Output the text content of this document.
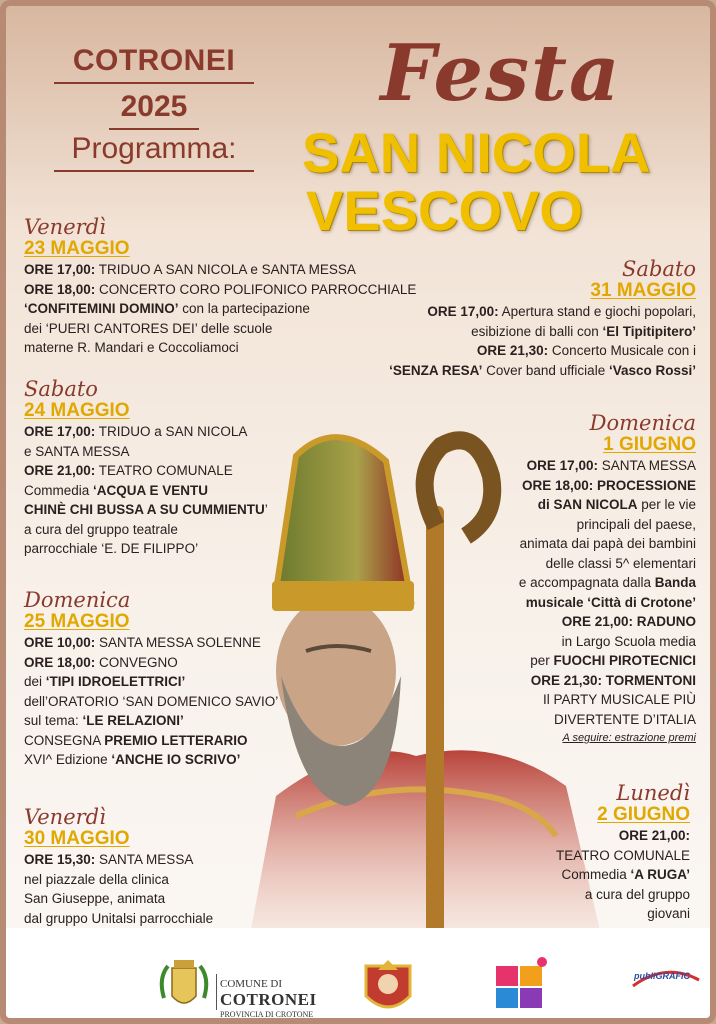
COTRONEI
2025
Programma:
Festa
SAN NICOLA
VESCOVO
Venerdì
23 MAGGIO
ORE 17,00: TRIDUO A SAN NICOLA e SANTA MESSA
ORE 18,00: CONCERTO CORO POLIFONICO PARROCCHIALE
‘CONFITEMINI DOMINO’ con la partecipazione
dei ‘PUERI CANTORES DEI’ delle scuole
materne R. Mandari e Coccoliamoci
Sabato
24 MAGGIO
ORE 17,00: TRIDUO a SAN NICOLA
e SANTA MESSA
ORE 21,00: TEATRO COMUNALE
Commedia ‘ACQUA E VENTU
CHINÈ CHI BUSSA A SU CUMMIENTU’
a cura del gruppo teatrale
parrocchiale ‘E. DE FILIPPO’
Domenica
25 MAGGIO
ORE 10,00: SANTA MESSA SOLENNE
ORE 18,00: CONVEGNO
dei ‘TIPI IDROELETTRICI’
dell’ORATORIO ‘SAN DOMENICO SAVIO’
sul tema: ‘LE RELAZIONI’
CONSEGNA PREMIO LETTERARIO
XVI^ Edizione ‘ANCHE IO SCRIVO’
Venerdì
30 MAGGIO
ORE 15,30: SANTA MESSA
nel piazzale della clinica
San Giuseppe, animata
dal gruppo Unitalsi parrocchiale
Sabato
31 MAGGIO
ORE 17,00: Apertura stand e giochi popolari,
esibizione di balli con ‘El Tipitipitero’
ORE 21,30: Concerto Musicale con i
‘SENZA RESA’ Cover band ufficiale ‘Vasco Rossi’
Domenica
1 GIUGNO
ORE 17,00: SANTA MESSA
ORE 18,00: PROCESSIONE
di SAN NICOLA per le vie
principali del paese,
animata dai papà dei bambini
delle classi 5^ elementari
e accompagnata dalla Banda
musicale ‘Città di Crotone’
ORE 21,00: RADUNO
in Largo Scuola media
per FUOCHI PIROTECNICI
ORE 21,30: TORMENTONI
Il PARTY MUSICALE PIÙ
DIVERTENTE D’ITALIA
A seguire: estrazione premi
Lunedì
2 GIUGNO
ORE 21,00:
TEATRO COMUNALE
Commedia ‘A RUGA’
a cura del gruppo
giovani
COMUNE DI
COTRONEI
PROVINCIA DI CROTONE
publiGRAFIC
